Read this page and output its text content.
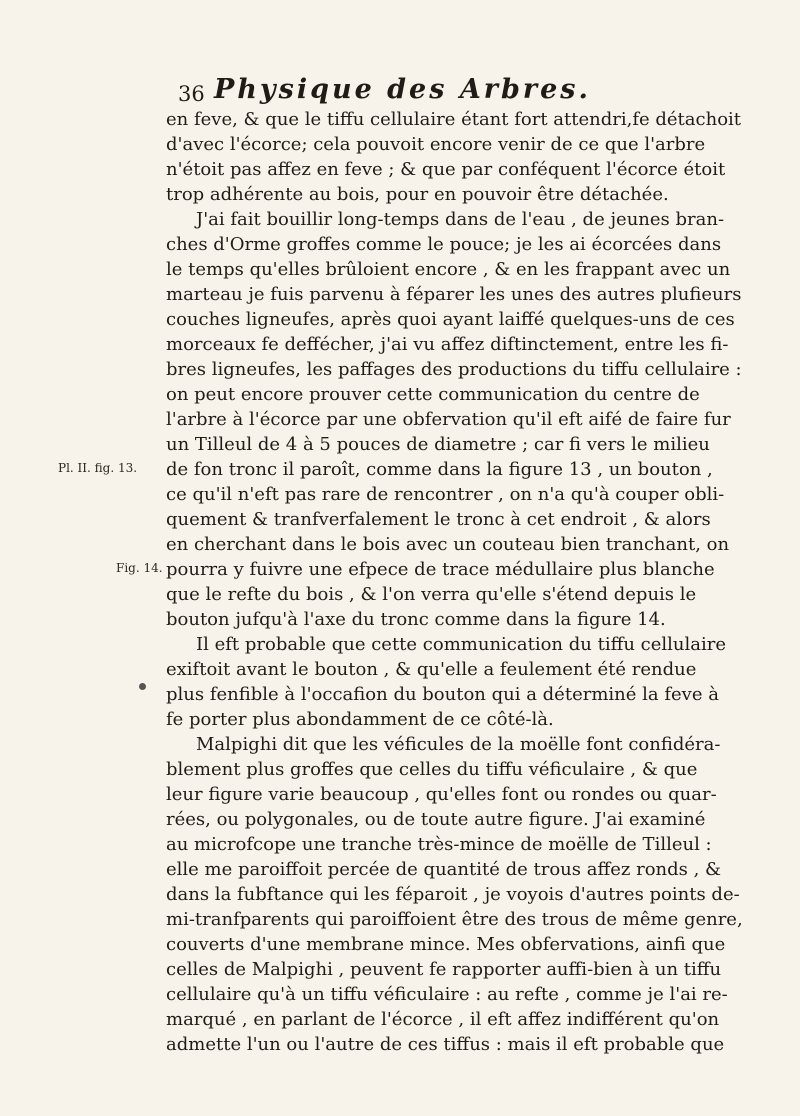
36 Physique des Arbres.
en feve, & que le tiffu cellulaire étant fort attendri,fe détachoit
d'avec l'écorce; cela pouvoit encore venir de ce que l'arbre
n'étoit pas affez en feve ; & que par conféquent l'écorce étoit
trop adhérente au bois, pour en pouvoir être détachée.
J'ai fait bouillir long-temps dans de l'eau , de jeunes bran-
ches d'Orme groffes comme le pouce; je les ai écorcées dans
le temps qu'elles brûloient encore , & en les frappant avec un
marteau je fuis parvenu à féparer les unes des autres plufieurs
couches ligneufes, après quoi ayant laiffé quelques-uns de ces
morceaux fe deffécher, j'ai vu affez diftinctement, entre les fi-
bres ligneufes, les paffages des productions du tiffu cellulaire :
on peut encore prouver cette communication du centre de
l'arbre à l'écorce par une obfervation qu'il eft aifé de faire fur
un Tilleul de 4 à 5 pouces de diametre ; car fi vers le milieu
de fon tronc il paroît, comme dans la figure 13 , un bouton ,
ce qu'il n'eft pas rare de rencontrer , on n'a qu'à couper obli-
quement & tranfverfalement le tronc à cet endroit , & alors
en cherchant dans le bois avec un couteau bien tranchant, on
pourra y fuivre une efpece de trace médullaire plus blanche
que le refte du bois , & l'on verra qu'elle s'étend depuis le
bouton jufqu'à l'axe du tronc comme dans la figure 14.
Il eft probable que cette communication du tiffu cellulaire
exiftoit avant le bouton , & qu'elle a feulement été rendue
plus fenfible à l'occafion du bouton qui a déterminé la feve à
fe porter plus abondamment de ce côté-là.
Malpighi dit que les véficules de la moëlle font confidéra-
blement plus groffes que celles du tiffu véficulaire , & que
leur figure varie beaucoup , qu'elles font ou rondes ou quar-
rées, ou polygonales, ou de toute autre figure. J'ai examiné
au microfcope une tranche très-mince de moëlle de Tilleul :
elle me paroiffoit percée de quantité de trous affez ronds , &
dans la fubftance qui les féparoit , je voyois d'autres points de-
mi-tranfparents qui paroiffoient être des trous de même genre,
couverts d'une membrane mince. Mes obfervations, ainfi que
celles de Malpighi , peuvent fe rapporter auffi-bien à un tiffu
cellulaire qu'à un tiffu véficulaire : au refte , comme je l'ai re-
marqué , en parlant de l'écorce , il eft affez indifférent qu'on
admette l'un ou l'autre de ces tiffus : mais il eft probable que
Pl. II. fig. 13.
Fig. 14.
